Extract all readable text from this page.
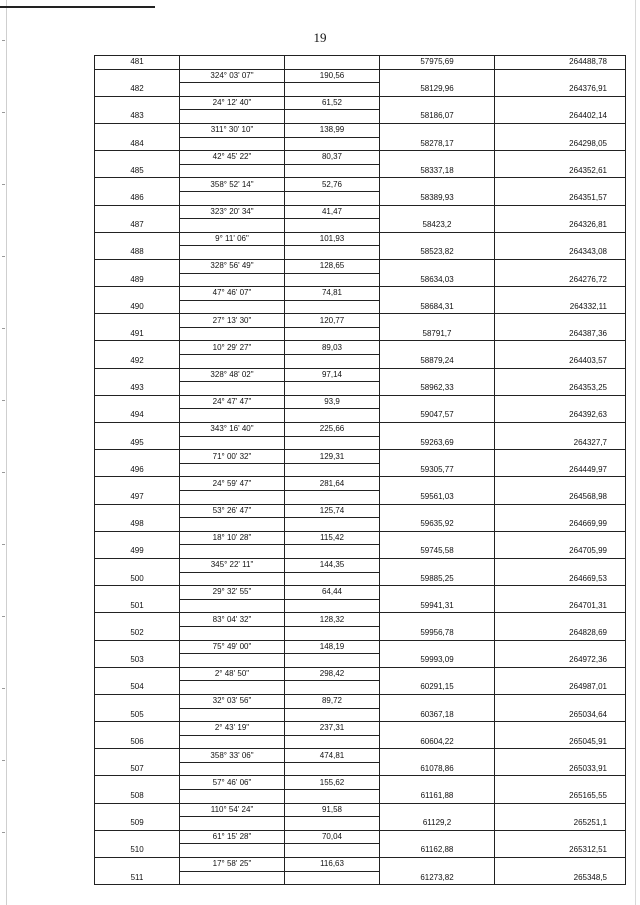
19
481			57975,69	264488,78
	324° 03' 07"	190,56		
482			58129,96	264376,91
	24° 12' 40"	61,52		
483			58186,07	264402,14
	311° 30' 10"	138,99		
484			58278,17	264298,05
	42° 45' 22"	80,37		
485			58337,18	264352,61
	358° 52' 14"	52,76		
486			58389,93	264351,57
	323° 20' 34"	41,47		
487			58423,2	264326,81
	9° 11' 06"	101,93		
488			58523,82	264343,08
	328° 56' 49"	128,65		
489			58634,03	264276,72
	47° 46' 07"	74,81		
490			58684,31	264332,11
	27° 13' 30"	120,77		
491			58791,7	264387,36
	10° 29' 27"	89,03		
492			58879,24	264403,57
	328° 48' 02"	97,14		
493			58962,33	264353,25
	24° 47' 47"	93,9		
494			59047,57	264392,63
	343° 16' 40"	225,66		
495			59263,69	264327,7
	71° 00' 32"	129,31		
496			59305,77	264449,97
	24° 59' 47"	281,64		
497			59561,03	264568,98
	53° 26' 47"	125,74		
498			59635,92	264669,99
	18° 10' 28"	115,42		
499			59745,58	264705,99
	345° 22' 11"	144,35		
500			59885,25	264669,53
	29° 32' 55"	64,44		
501			59941,31	264701,31
	83° 04' 32"	128,32		
502			59956,78	264828,69
	75° 49' 00"	148,19		
503			59993,09	264972,36
	2° 48' 50"	298,42		
504			60291,15	264987,01
	32° 03' 56"	89,72		
505			60367,18	265034,64
	2° 43' 19"	237,31		
506			60604,22	265045,91
	358° 33' 06"	474,81		
507			61078,86	265033,91
	57° 46' 06"	155,62		
508			61161,88	265165,55
	110° 54' 24"	91,58		
509			61129,2	265251,1
	61° 15' 28"	70,04		
510			61162,88	265312,51
	17° 58' 25"	116,63		
511			61273,82	265348,5
